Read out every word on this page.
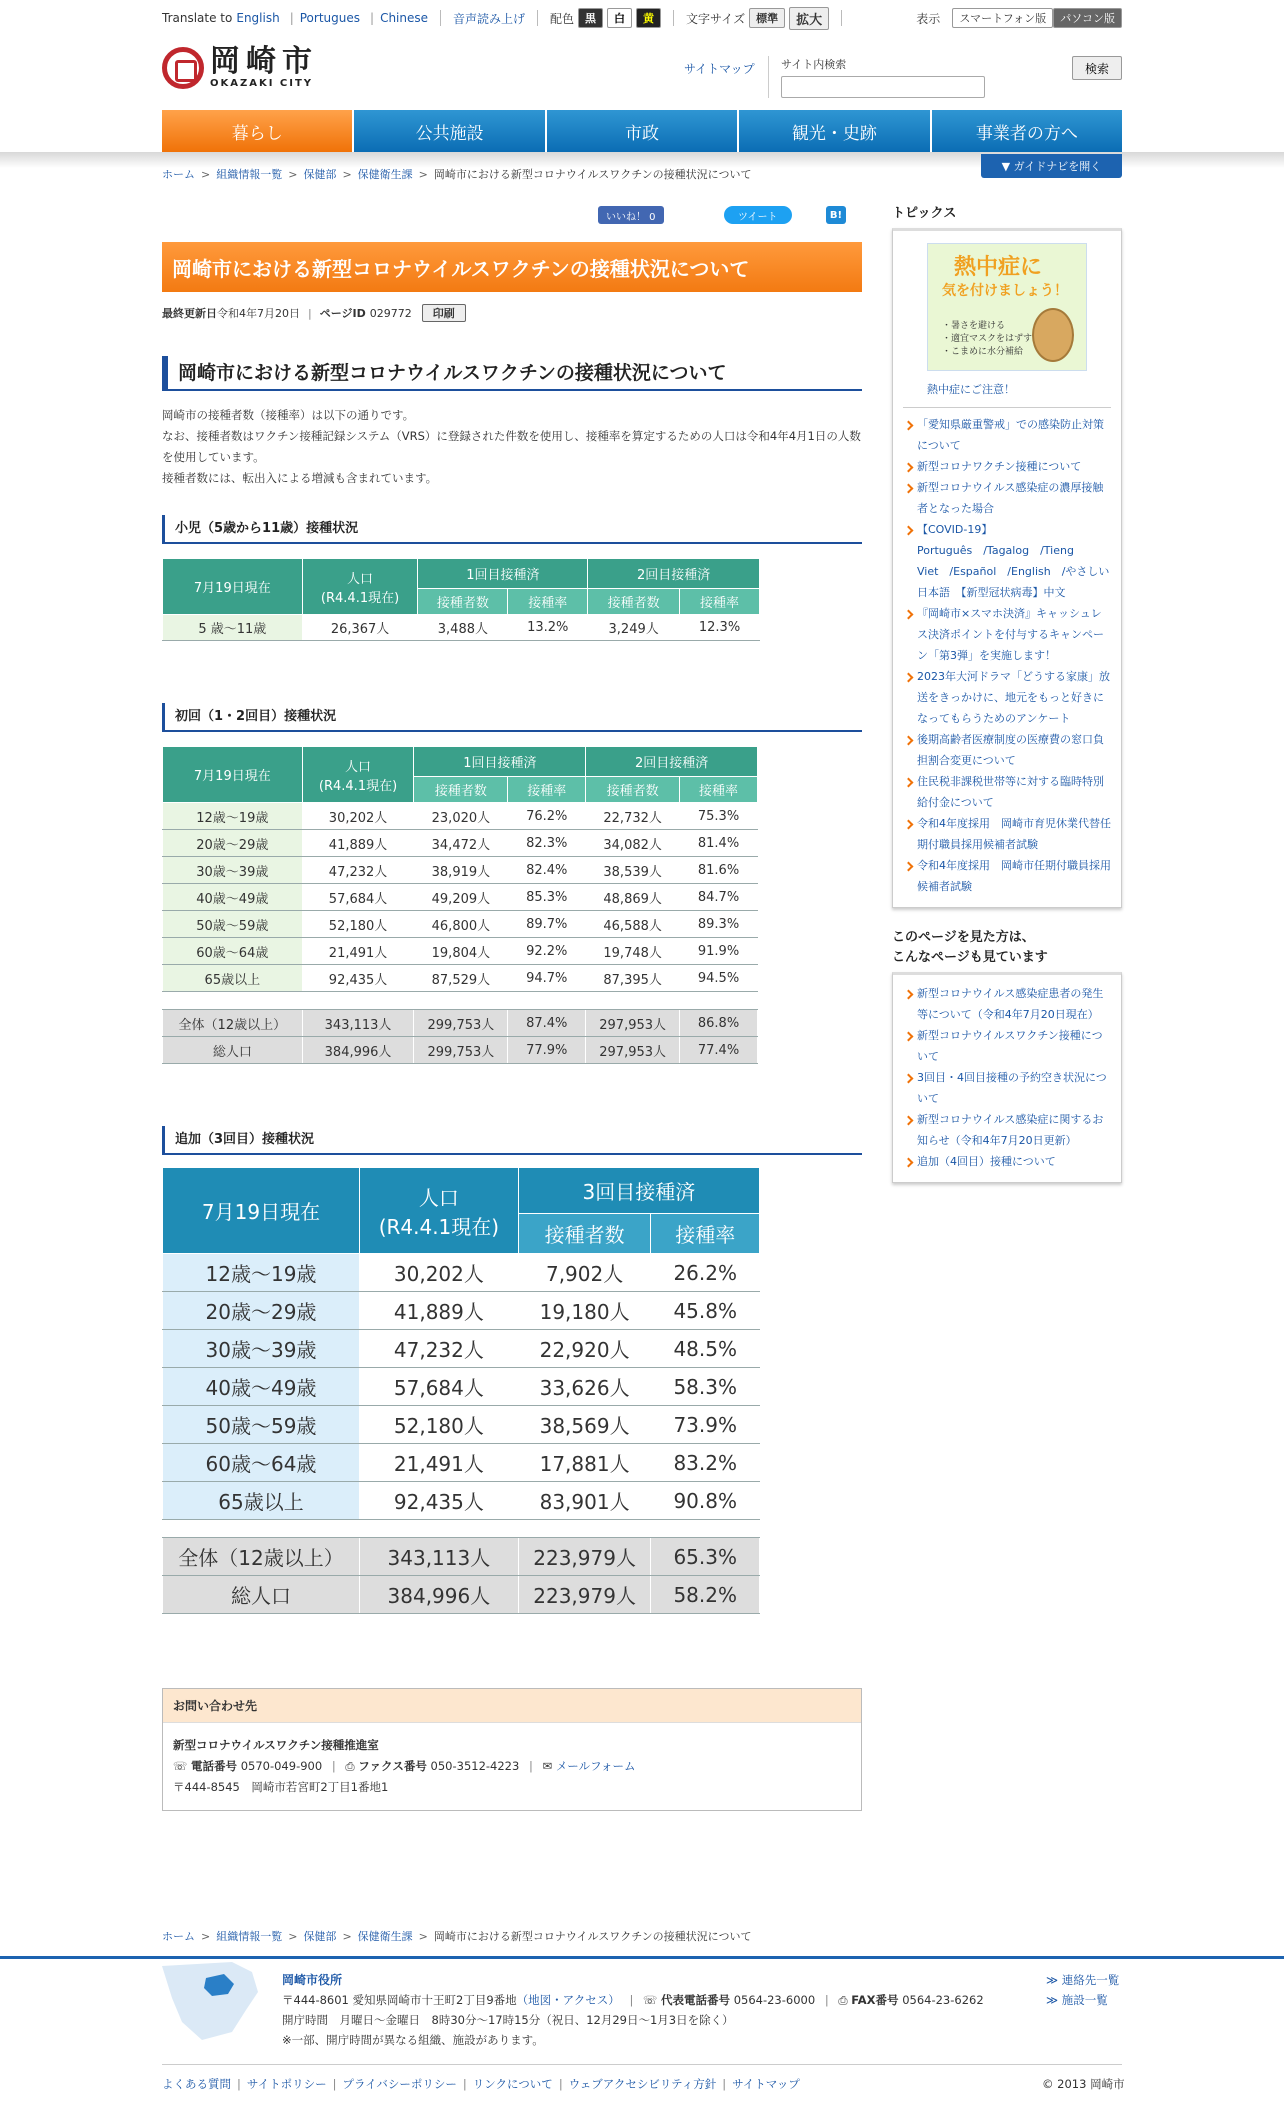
Translate to English | Portugues | Chinese 音声読み上げ 配色	黒	白	黄	文字サイズ	標準	拡大	表示	スマートフォン版	パソコン版
岡崎市
OKAZAKI CITY
サイトマップ	サイト内検索	検索
暮らし	公共施設	市政	観光・史跡	事業者の方へ
ホーム > 組織情報一覧 > 保健部 > 保健衛生課 > 岡崎市における新型コロナウイルスワクチンの接種状況について
▼ ガイドナビを開く
いいね！ 0	ツイート	B!
岡崎市における新型コロナウイルスワクチンの接種状況について
最終更新日 令和4年7月20日 | ページID 029772	印刷
岡崎市における新型コロナウイルスワクチンの接種状況について

岡崎市の接種者数（接種率）は以下の通りです。

なお、接種者数はワクチン接種記録システム（VRS）に登録された件数を使用し、接種率を算定するための人口は令和4年4月1日の人数を使用しています。

接種者数には、転出入による増減も含まれています。

小児（5歳から11歳）接種状況
7月19日現在	人口
(R4.4.1現在)	1回目接種済		2回目接種済	
		接種者数	接種率	接種者数	接種率
5 歳～11歳	26,367人	3,488人	13.2%	3,249人	12.3%
初回（1・2回目）接種状況
7月19日現在	人口
(R4.4.1現在)	1回目接種済		2回目接種済	
		接種者数	接種率	接種者数	接種率
12歳～19歳	30,202人	23,020人	76.2%	22,732人	75.3%
20歳～29歳	41,889人	34,472人	82.3%	34,082人	81.4%
30歳～39歳	47,232人	38,919人	82.4%	38,539人	81.6%
40歳～49歳	57,684人	49,209人	85.3%	48,869人	84.7%
50歳～59歳	52,180人	46,800人	89.7%	46,588人	89.3%
60歳～64歳	21,491人	19,804人	92.2%	19,748人	91.9%
65歳以上	92,435人	87,529人	94.7%	87,395人	94.5%

全体（12歳以上）	343,113人	299,753人	87.4%	297,953人	86.8%
総人口	384,996人	299,753人	77.9%	297,953人	77.4%
追加（3回目）接種状況
7月19日現在	人口
(R4.4.1現在)	3回目接種済	
		接種者数	接種率
12歳～19歳	30,202人	7,902人	26.2%
20歳～29歳	41,889人	19,180人	45.8%
30歳～39歳	47,232人	22,920人	48.5%
40歳～49歳	57,684人	33,626人	58.3%
50歳～59歳	52,180人	38,569人	73.9%
60歳～64歳	21,491人	17,881人	83.2%
65歳以上	92,435人	83,901人	90.8%

全体（12歳以上）	343,113人	223,979人	65.3%
総人口	384,996人	223,979人	58.2%
お問い合わせ先
新型コロナウイルスワクチン接種推進室
☏ 電話番号 0570-049-900 | ⎙ ファクス番号 050-3512-4223 | ✉ メールフォーム
〒444-8545　岡崎市若宮町2丁目1番地1
トピックス
熱中症に
気を付けましょう！
・暑さを避ける
・適宜マスクをはずす
・こまめに水分補給
熱中症にご注意！
「愛知県厳重警戒」での感染防止対策について
新型コロナワクチン接種について
新型コロナウイルス感染症の濃厚接触者となった場合
【COVID-19】　Português　/Tagalog　/Tieng Viet　/Español　/English　/やさしい日本語　【新型冠状病毒】中文
『岡崎市×スマホ決済』キャッシュレス決済ポイントを付与するキャンペーン「第3弾」を実施します！
2023年大河ドラマ「どうする家康」放送をきっかけに、地元をもっと好きになってもらうためのアンケート
後期高齢者医療制度の医療費の窓口負担割合変更について
住民税非課税世帯等に対する臨時特別給付金について
令和4年度採用　岡崎市育児休業代替任期付職員採用候補者試験
令和4年度採用　岡崎市任期付職員採用候補者試験
このページを見た方は、
こんなページも見ています
新型コロナウイルス感染症患者の発生等について（令和4年7月20日現在）
新型コロナウイルスワクチン接種について
3回目・4回目接種の予約空き状況について
新型コロナウイルス感染症に関するお知らせ（令和4年7月20日更新）
追加（4回目）接種について
ホーム > 組織情報一覧 > 保健部 > 保健衛生課 > 岡崎市における新型コロナウイルスワクチンの接種状況について
岡崎市役所
〒444-8601 愛知県岡崎市十王町2丁目9番地（地図・アクセス） | ☏ 代表電話番号 0564-23-6000 | ⎙ FAX番号 0564-23-6262
開庁時間　月曜日～金曜日　8時30分～17時15分（祝日、12月29日～1月3日を除く）
※一部、開庁時間が異なる組織、施設があります。
≫ 連絡先一覧
≫ 施設一覧
よくある質問 | サイトポリシー | プライバシーポリシー | リンクについて | ウェブアクセシビリティ方針 | サイトマップ	© 2013 岡崎市
